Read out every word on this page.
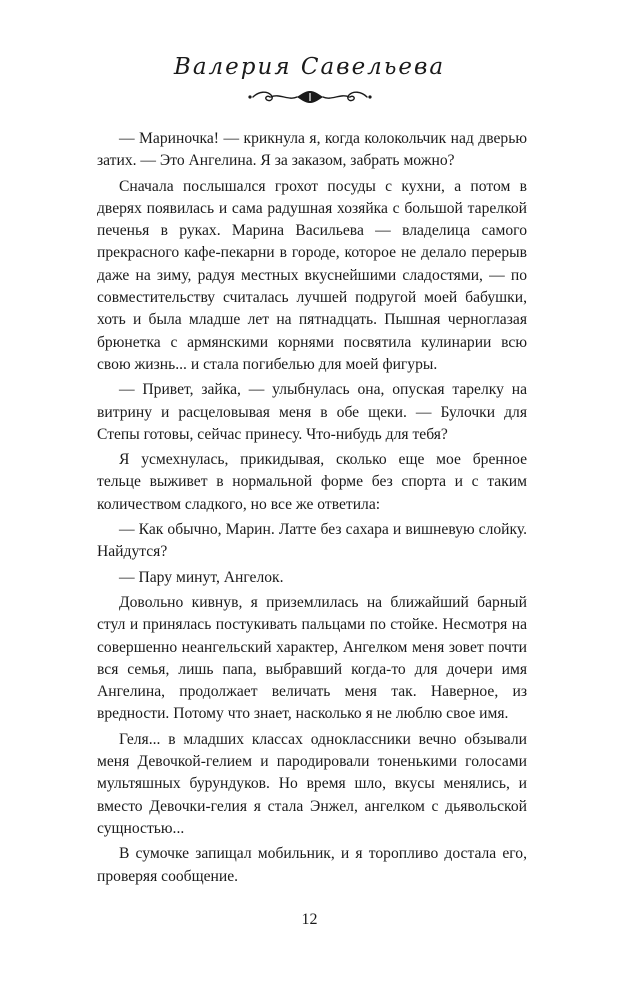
Валерия Савельева

— Мариночка! — крикнула я, когда колокольчик над дверью затих. — Это Ангелина. Я за заказом, забрать можно?

Сначала послышался грохот посуды с кухни, а потом в дверях появилась и сама радушная хозяйка с большой тарелкой печенья в руках. Марина Васильева — владелица самого прекрасного кафе-пекарни в городе, которое не делало перерыв даже на зиму, радуя местных вкуснейшими сладостями, — по совместительству считалась лучшей подругой моей бабушки, хоть и была младше лет на пятнадцать. Пышная черноглазая брюнетка с армянскими корнями посвятила кулинарии всю свою жизнь... и стала погибелью для моей фигуры.

— Привет, зайка, — улыбнулась она, опуская тарелку на витрину и расцеловывая меня в обе щеки. — Булочки для Степы готовы, сейчас принесу. Что-нибудь для тебя?

Я усмехнулась, прикидывая, сколько еще мое бренное тельце выживет в нормальной форме без спорта и с таким количеством сладкого, но все же ответила:

— Как обычно, Марин. Латте без сахара и вишневую слойку. Найдутся?

— Пару минут, Ангелок.

Довольно кивнув, я приземлилась на ближайший барный стул и принялась постукивать пальцами по стойке. Несмотря на совершенно неангельский характер, Ангелком меня зовет почти вся семья, лишь папа, выбравший когда-то для дочери имя Ангелина, продолжает величать меня так. Наверное, из вредности. Потому что знает, насколько я не люблю свое имя.

Геля... в младших классах одноклассники вечно обзывали меня Девочкой-гелием и пародировали тоненькими голосами мультяшных бурундуков. Но время шло, вкусы менялись, и вместо Девочки-гелия я стала Энжел, ангелком с дьявольской сущностью...

В сумочке запищал мобильник, и я торопливо достала его, проверяя сообщение.

12
